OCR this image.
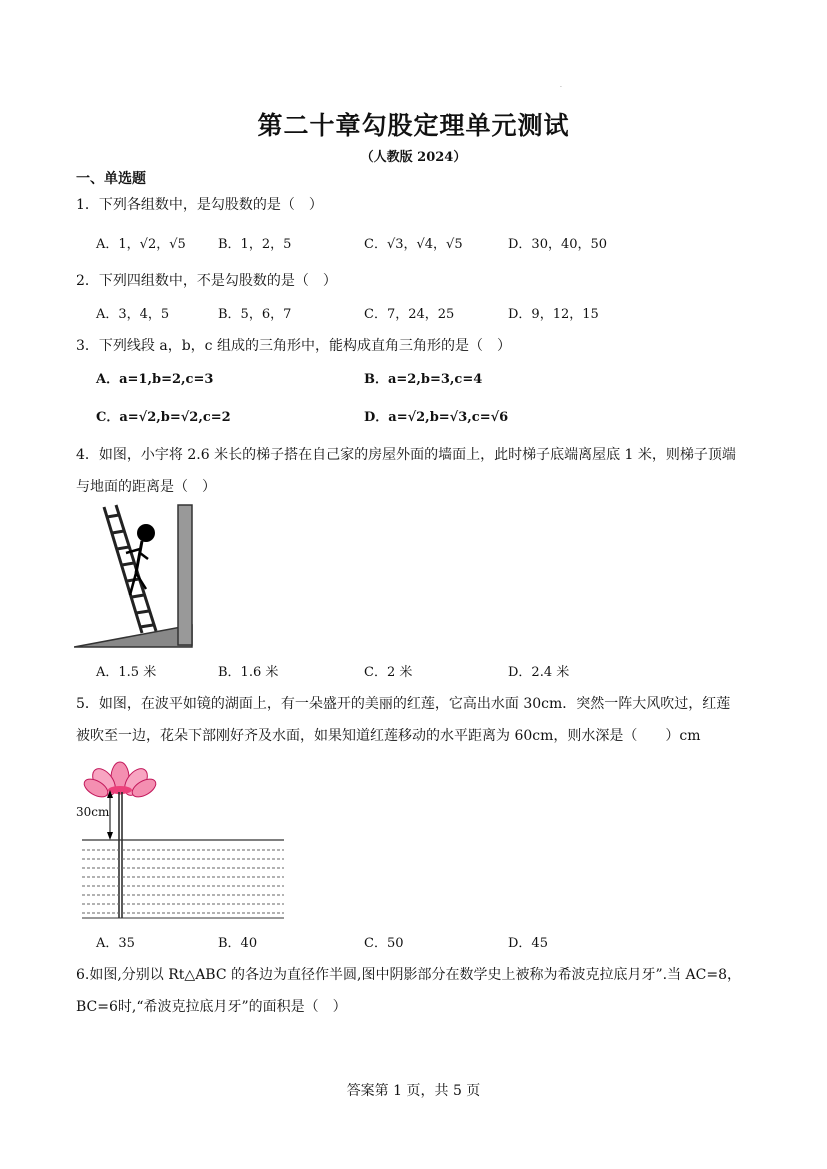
·
第二十章勾股定理单元测试
（人教版 2024）
一、单选题
1．下列各组数中，是勾股数的是（　）
A．1，√2，√5 B．1，2，5	C．√3，√4，√5	D．30，40，50
2．下列四组数中，不是勾股数的是（　）
A．3，4，5	B．5，6，7	C．7，24，25	D．9，12，15
3．下列线段 a，b，c 组成的三角形中，能构成直角三角形的是（　）
A．a=1,b=2,c=3	B．a=2,b=3,c=4
C．a=√2,b=√2,c=2	D．a=√2,b=√3,c=√6
4．如图，小宇将 2.6 米长的梯子搭在自己家的房屋外面的墙面上，此时梯子底端离屋底 1 米，则梯子顶端
与地面的距离是（　）
A．1.5 米	B．1.6 米	C．2 米	D．2.4 米
5．如图，在波平如镜的湖面上，有一朵盛开的美丽的红莲，它高出水面 30cm．突然一阵大风吹过，红莲
被吹至一边，花朵下部刚好齐及水面，如果知道红莲移动的水平距离为 60cm，则水深是（　　）cm
30cm
A．35	B．40	C．50	D．45
6.如图,分别以 Rt△ABC 的各边为直径作半圆,图中阴影部分在数学史上被称为希波克拉底月牙”.当 AC=8，
BC=6时,“希波克拉底月牙”的面积是（　）
答案第 1 页，共 5 页
